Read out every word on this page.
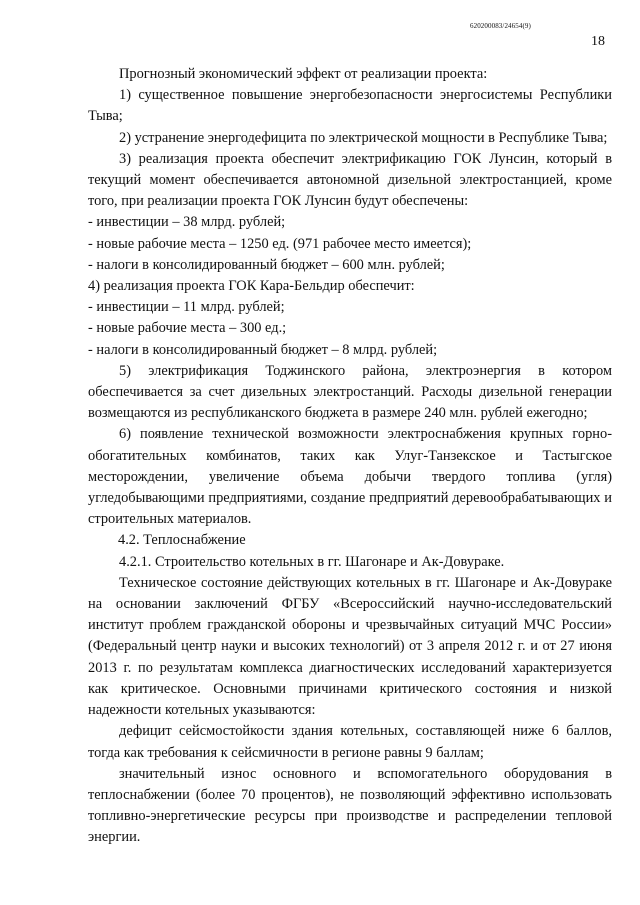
620200083/24654(9)
18

Прогнозный экономический эффект от реализации проекта:

1) существенное повышение энергобезопасности энергосистемы Республики Тыва;

2) устранение энергодефицита по электрической мощности в Республике Тыва;

3) реализация проекта обеспечит электрификацию ГОК Лунсин, который в текущий момент обеспечивается автономной дизельной электростанцией, кроме того, при реализации проекта ГОК Лунсин будут обеспечены:

- инвестиции – 38 млрд. рублей;

- новые рабочие места – 1250 ед. (971 рабочее место имеется);

- налоги в консолидированный бюджет – 600 млн. рублей;

4) реализация проекта ГОК Кара-Бельдир обеспечит:

- инвестиции – 11 млрд. рублей;

- новые рабочие места – 300 ед.;

- налоги в консолидированный бюджет – 8 млрд. рублей;

5) электрификация Тоджинского района, электроэнергия в котором обеспечивается за счет дизельных электростанций. Расходы дизельной генерации возмещаются из республиканского бюджета в размере 240 млн. рублей ежегодно;

6) появление технической возможности электроснабжения крупных горно-обогатительных комбинатов, таких как Улуг-Танзекское и Тастыгское месторождении, увеличение объема добычи твердого топлива (угля) угледобывающими предприятиями, создание предприятий деревообрабатывающих и строительных материалов.

4.2. Теплоснабжение

4.2.1. Строительство котельных в гг. Шагонаре и Ак-Довураке.

Техническое состояние действующих котельных в гг. Шагонаре и Ак-Довураке на основании заключений ФГБУ «Всероссийский научно-исследовательский институт проблем гражданской обороны и чрезвычайных ситуаций МЧС России» (Федеральный центр науки и высоких технологий) от 3 апреля 2012 г. и от 27 июня 2013 г. по результатам комплекса диагностических исследований характеризуется как критическое. Основными причинами критического состояния и низкой надежности котельных указываются:

дефицит сейсмостойкости здания котельных, составляющей ниже 6 баллов, тогда как требования к сейсмичности в регионе равны 9 баллам;

значительный износ основного и вспомогательного оборудования в теплоснабжении (более 70 процентов), не позволяющий эффективно использовать топливно-энергетические ресурсы при производстве и распределении тепловой энергии.
